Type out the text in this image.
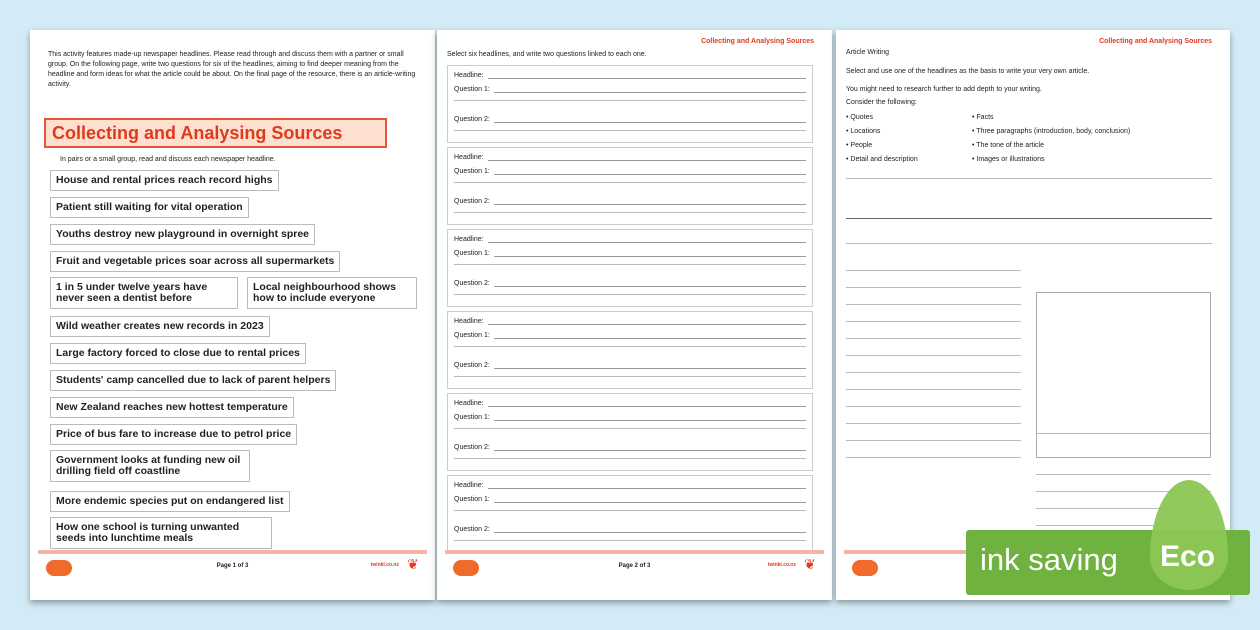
This activity features made-up newspaper headlines. Please read through and discuss them with a partner or small group. On the following page, write two questions for six of the headlines, aiming to find deeper meaning from the headline and form ideas for what the article could be about. On the final page of the resource, there is an article-writing activity.
Collecting and Analysing Sources
In pairs or a small group, read and discuss each newspaper headline.
House and rental prices reach record highs
Patient still waiting for vital operation
Youths destroy new playground in overnight spree
Fruit and vegetable prices soar across all supermarkets
1 in 5 under twelve years have never seen a dentist before
Local neighbourhood shows how to include everyone
Wild weather creates new records in 2023
Large factory forced to close due to rental prices
Students' camp cancelled due to lack of parent helpers
New Zealand reaches new hottest temperature
Price of bus fare to increase due to petrol price
Government looks at funding new oil drilling field off coastline
More endemic species put on endangered list
How one school is turning unwanted seeds into lunchtime meals
Page 1 of 3	twinkl.co.nz ❦
Collecting and Analysing Sources
Select six headlines, and write two questions linked to each one.
Headline:
Question 1:
Question 2:
Headline:
Question 1:
Question 2:
Headline:
Question 1:
Question 2:
Headline:
Question 1:
Question 2:
Headline:
Question 1:
Question 2:
Headline:
Question 1:
Question 2:
Page 2 of 3	twinkl.co.nz ❦
Collecting and Analysing Sources
Article Writing
Select and use one of the headlines as the basis to write your very own article.
You might need to research further to add depth to your writing.
Consider the following:
• Quotes
• Locations
• People
• Detail and description
• Facts
• Three paragraphs (introduction, body, conclusion)
• The tone of the article
• Images or illustrations
ink saving	Eco
